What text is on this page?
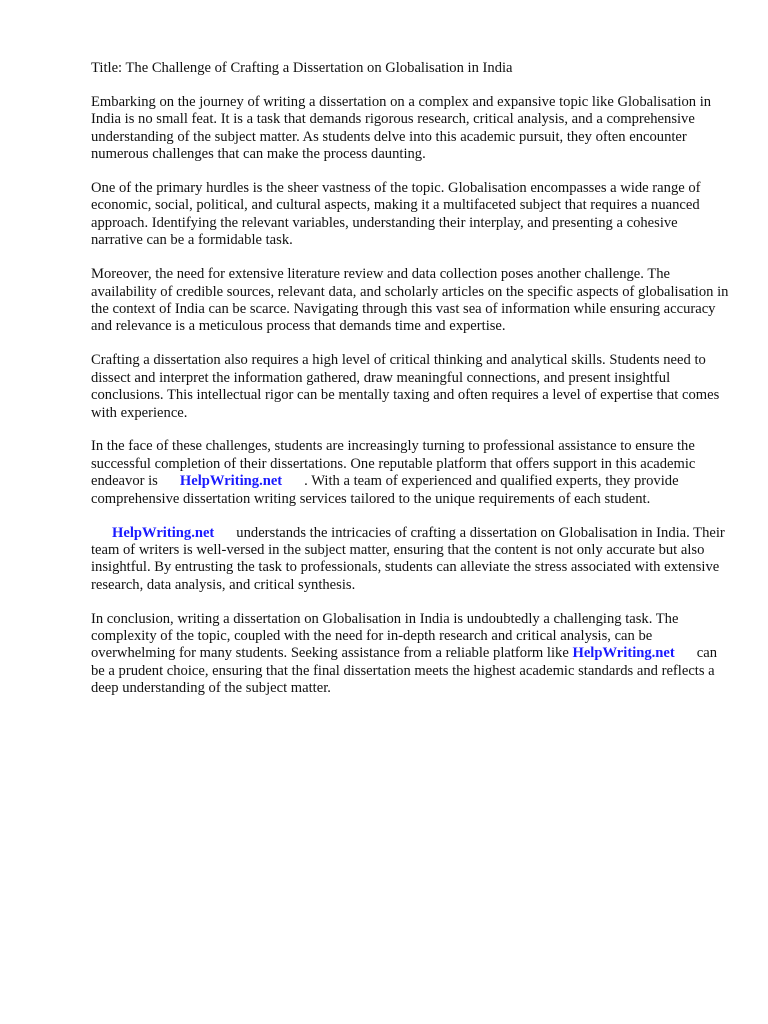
Title: The Challenge of Crafting a Dissertation on Globalisation in India

Embarking on the journey of writing a dissertation on a complex and expansive topic like Globalisation in India is no small feat. It is a task that demands rigorous research, critical analysis, and a comprehensive understanding of the subject matter. As students delve into this academic pursuit, they often encounter numerous challenges that can make the process daunting.

One of the primary hurdles is the sheer vastness of the topic. Globalisation encompasses a wide range of economic, social, political, and cultural aspects, making it a multifaceted subject that requires a nuanced approach. Identifying the relevant variables, understanding their interplay, and presenting a cohesive narrative can be a formidable task.

Moreover, the need for extensive literature review and data collection poses another challenge. The availability of credible sources, relevant data, and scholarly articles on the specific aspects of globalisation in the context of India can be scarce. Navigating through this vast sea of information while ensuring accuracy and relevance is a meticulous process that demands time and expertise.

Crafting a dissertation also requires a high level of critical thinking and analytical skills. Students need to dissect and interpret the information gathered, draw meaningful connections, and present insightful conclusions. This intellectual rigor can be mentally taxing and often requires a level of expertise that comes with experience.

In the face of these challenges, students are increasingly turning to professional assistance to ensure the successful completion of their dissertations. One reputable platform that offers support in this academic endeavor is HelpWriting.net . With a team of experienced and qualified experts, they provide comprehensive dissertation writing services tailored to the unique requirements of each student.

HelpWriting.net understands the intricacies of crafting a dissertation on Globalisation in India. Their team of writers is well-versed in the subject matter, ensuring that the content is not only accurate but also insightful. By entrusting the task to professionals, students can alleviate the stress associated with extensive research, data analysis, and critical synthesis.

In conclusion, writing a dissertation on Globalisation in India is undoubtedly a challenging task. The complexity of the topic, coupled with the need for in-depth research and critical analysis, can be overwhelming for many students. Seeking assistance from a reliable platform like HelpWriting.net can be a prudent choice, ensuring that the final dissertation meets the highest academic standards and reflects a deep understanding of the subject matter.
